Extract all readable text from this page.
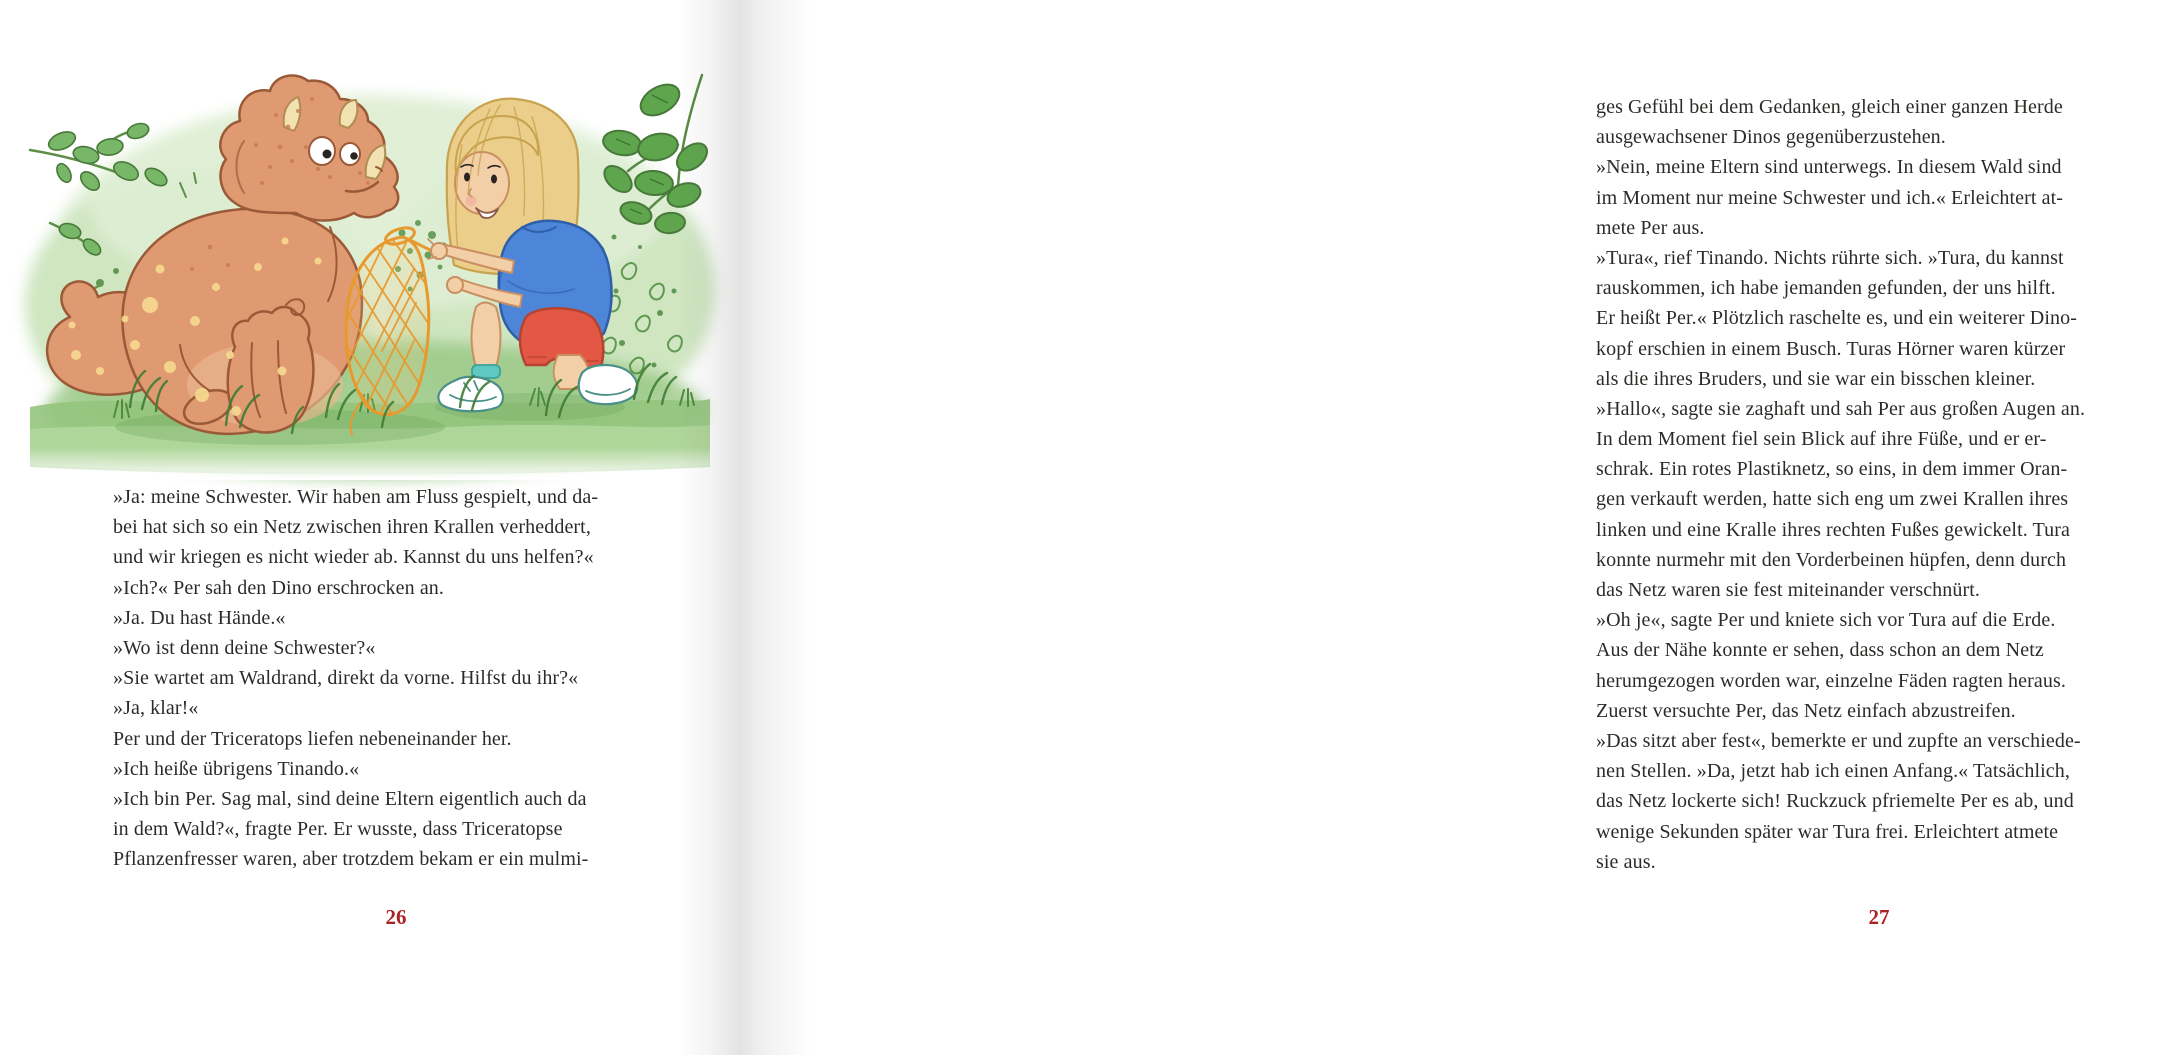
»Ja: meine Schwester. Wir haben am Fluss gespielt, und da-
bei hat sich so ein Netz zwischen ihren Krallen verheddert,
und wir kriegen es nicht wieder ab. Kannst du uns helfen?«
»Ich?« Per sah den Dino erschrocken an.
»Ja. Du hast Hände.«
»Wo ist denn deine Schwester?«
»Sie wartet am Waldrand, direkt da vorne. Hilfst du ihr?«
»Ja, klar!«
Per und der Triceratops liefen nebeneinander her.
»Ich heiße übrigens Tinando.«
»Ich bin Per. Sag mal, sind deine Eltern eigentlich auch da
in dem Wald?«, fragte Per. Er wusste, dass Triceratopse
Pflanzenfresser waren, aber trotzdem bekam er ein mulmi-
26
ges Gefühl bei dem Gedanken, gleich einer ganzen Herde
ausgewachsener Dinos gegenüberzustehen.
»Nein, meine Eltern sind unterwegs. In diesem Wald sind
im Moment nur meine Schwester und ich.« Erleichtert at-
mete Per aus.
»Tura«, rief Tinando. Nichts rührte sich. »Tura, du kannst
rauskommen, ich habe jemanden gefunden, der uns hilft.
Er heißt Per.« Plötzlich raschelte es, und ein weiterer Dino-
kopf erschien in einem Busch. Turas Hörner waren kürzer
als die ihres Bruders, und sie war ein bisschen kleiner.
»Hallo«, sagte sie zaghaft und sah Per aus großen Augen an.
In dem Moment fiel sein Blick auf ihre Füße, und er er-
schrak. Ein rotes Plastiknetz, so eins, in dem immer Oran-
gen verkauft werden, hatte sich eng um zwei Krallen ihres
linken und eine Kralle ihres rechten Fußes gewickelt. Tura
konnte nurmehr mit den Vorderbeinen hüpfen, denn durch
das Netz waren sie fest miteinander verschnürt.
»Oh je«, sagte Per und kniete sich vor Tura auf die Erde.
Aus der Nähe konnte er sehen, dass schon an dem Netz
herumgezogen worden war, einzelne Fäden ragten heraus.
Zuerst versuchte Per, das Netz einfach abzustreifen.
»Das sitzt aber fest«, bemerkte er und zupfte an verschiede-
nen Stellen. »Da, jetzt hab ich einen Anfang.« Tatsächlich,
das Netz lockerte sich! Ruckzuck pfriemelte Per es ab, und
wenige Sekunden später war Tura frei. Erleichtert atmete
sie aus.
27
